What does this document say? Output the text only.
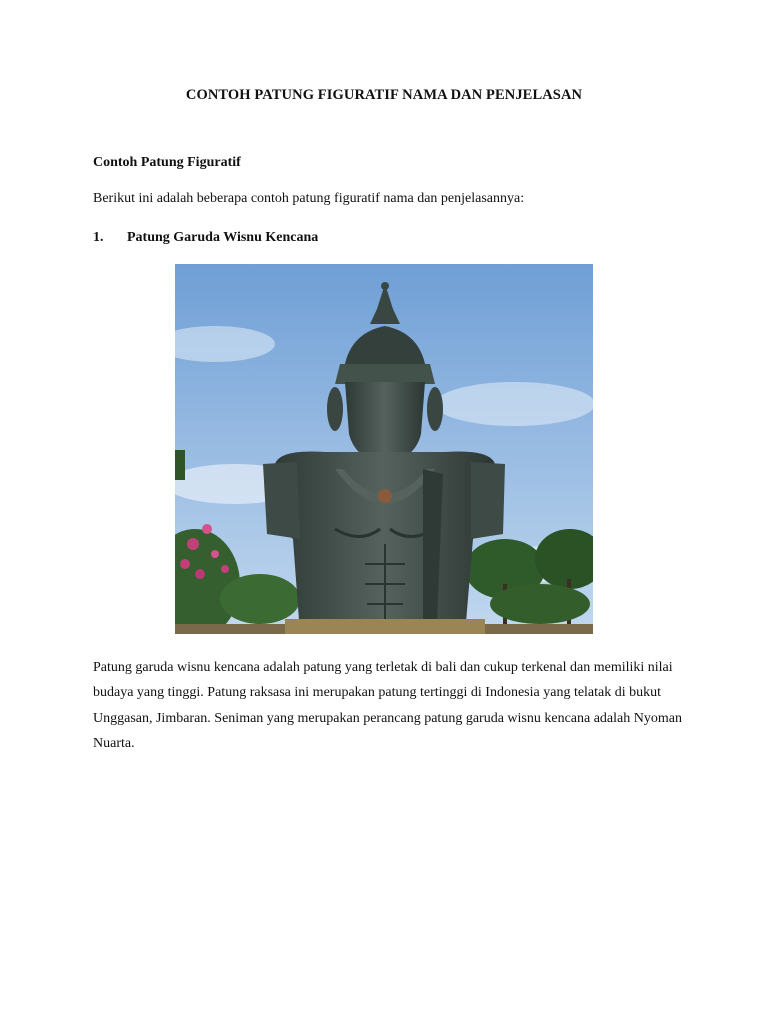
CONTOH PATUNG FIGURATIF NAMA DAN PENJELASAN
Contoh Patung Figuratif
Berikut ini adalah beberapa contoh patung figuratif nama dan penjelasannya:
1. Patung Garuda Wisnu Kencana
Patung garuda wisnu kencana adalah patung yang terletak di bali dan cukup terkenal dan memiliki nilai budaya yang tinggi. Patung raksasa ini merupakan patung tertinggi di Indonesia yang telatak di bukut Unggasan, Jimbaran. Seniman yang merupakan perancang patung garuda wisnu kencana adalah Nyoman Nuarta.
